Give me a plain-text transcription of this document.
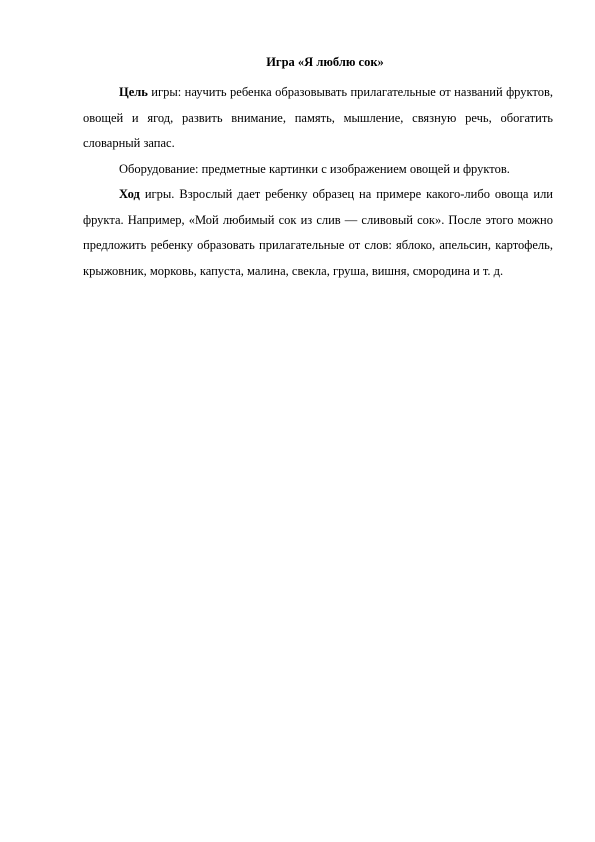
Игра «Я люблю сок»

Цель игры: научить ребенка образовывать прилагательные от названий фруктов, овощей и ягод, развить внимание, память, мышление, связную речь, обогатить словарный запас.

Оборудование: предметные картинки с изображением овощей и фруктов.

Ход игры. Взрослый дает ребенку образец на примере какого-либо овоща или фрукта. Например, «Мой любимый сок из слив — сливовый сок». После этого можно предложить ребенку образовать прилагательные от слов: яблоко, апельсин, картофель, крыжовник, морковь, капуста, малина, свекла, груша, вишня, смородина и т. д.
